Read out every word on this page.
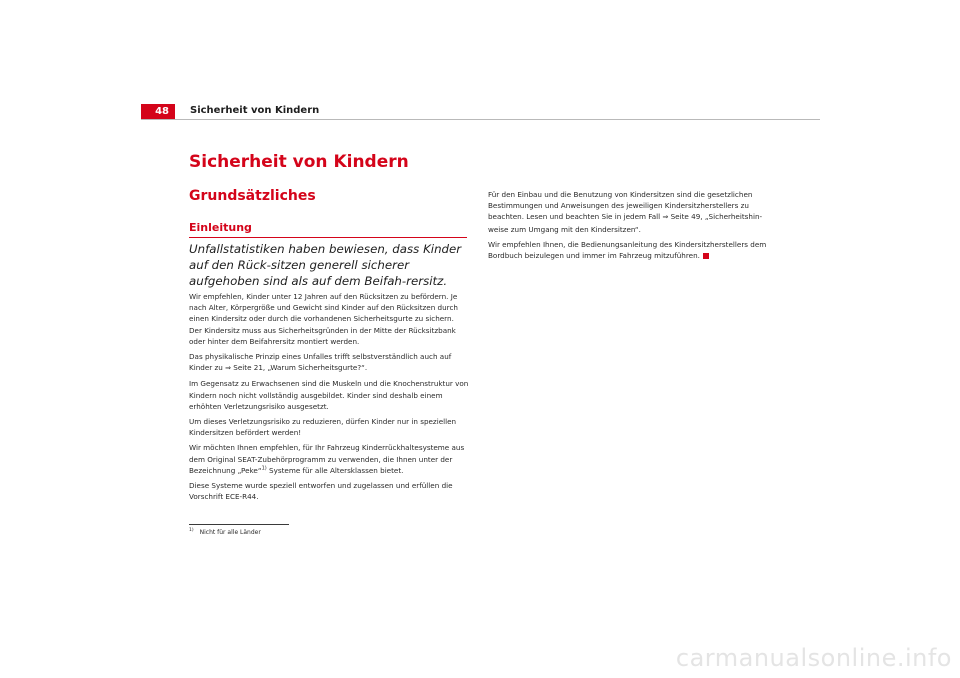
48	Sicherheit von Kindern
Sicherheit von Kindern
Grundsätzliches
Einleitung
Unfallstatistiken haben bewiesen, dass Kinder auf den Rück-sitzen generell sicherer aufgehoben sind als auf dem Beifah-rersitz.

Wir empfehlen, Kinder unter 12 Jahren auf den Rücksitzen zu befördern. Je nach Alter, Körpergröße und Gewicht sind Kinder auf den Rücksitzen durch einen Kindersitz oder durch die vorhandenen Sicherheitsgurte zu sichern. Der Kindersitz muss aus Sicherheitsgründen in der Mitte der Rücksitzbank oder hinter dem Beifahrersitz montiert werden.

Das physikalische Prinzip eines Unfalles trifft selbstverständlich auch auf Kinder zu ⇒ Seite 21, „Warum Sicherheitsgurte?“.

Im Gegensatz zu Erwachsenen sind die Muskeln und die Knochenstruktur von Kindern noch nicht vollständig ausgebildet. Kinder sind deshalb einem erhöhten Verletzungsrisiko ausgesetzt.

Um dieses Verletzungsrisiko zu reduzieren, dürfen Kinder nur in speziellen Kindersitzen befördert werden!

Wir möchten Ihnen empfehlen, für Ihr Fahrzeug Kinderrückhaltesysteme aus dem Original SEAT-Zubehörprogramm zu verwenden, die Ihnen unter der Bezeichnung „Peke“$^{1)}$ Systeme für alle Altersklassen bietet.

Diese Systeme wurde speziell entworfen und zugelassen und erfüllen die Vorschrift ECE-R44.

Für den Einbau und die Benutzung von Kindersitzen sind die gesetzlichen Bestimmungen und Anweisungen des jeweiligen Kindersitzherstellers zu beachten. Lesen und beachten Sie in jedem Fall ⇒ Seite 49, „Sicherheitshin-weise zum Umgang mit den Kindersitzen“.

Wir empfehlen Ihnen, die Bedienungsanleitung des Kindersitzherstellers dem Bordbuch beizulegen und immer im Fahrzeug mitzuführen.

$^{1)}$ Nicht für alle Länder
carmanualsonline.info
